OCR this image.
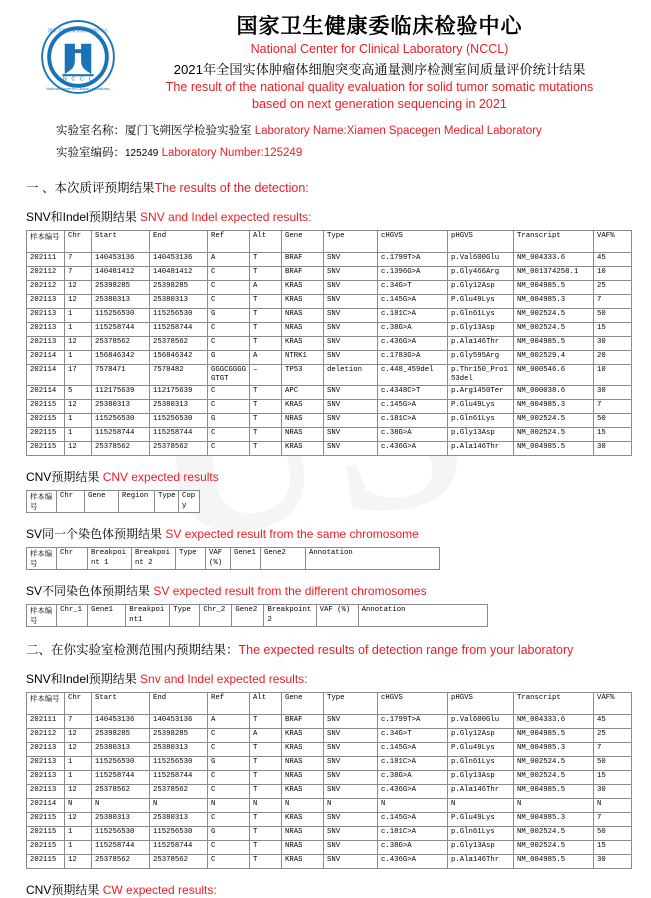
N C C L
国家卫生健康委临床检验中心
National Center for Clinical Laboratories
国家卫生健康委临床检验中心
National Center for Clinical Laboratory (NCCL)
2021年全国实体肿瘤体细胞突变高通量测序检测室间质量评价统计结果
The result of the national quality evaluation for solid tumor somatic mutations
based on next generation sequencing in 2021
实验室名称：厦门飞朔医学检验实验室 Laboratory Name:Xiamen Spacegen Medical Laboratory
实验室编码：125249 Laboratory Number:125249
一 、本次质评预期结果The results of the detection:
SNV和Indel预期结果 SNV and Indel expected results:
样本编号	Chr	Start	End	Ref	Alt	Gene	Type	cHGVS	pHGVS	Transcript	VAF%
202111	7	140453136	140453136	A	T	BRAF	SNV	c.1799T>A	p.Val600Glu	NM_004333.6	45
202112	7	140481412	140481412	C	T	BRAF	SNV	c.1396G>A	p.Gly466Arg	NM_001374258.1	10
202112	12	25398285	25398285	C	A	KRAS	SNV	c.34G>T	p.Gly12Asp	NM_004985.5	25
202113	12	25380313	25380313	C	T	KRAS	SNV	c.145G>A	P.Glu49Lys	NM_004985.3	7
202113	1	115256530	115256530	G	T	NRAS	SNV	c.181C>A	p.Gln61Lys	NM_002524.5	50
202113	1	115258744	115258744	C	T	NRAS	SNV	c.38G>A	p.Gly13Asp	NM_002524.5	15
202113	12	25378562	25378562	C	T	KRAS	SNV	c.436G>A	p.Ala146Thr	NM_004985.5	30
202114	1	156846342	156846342	G	A	NTRK1	SNV	c.1783G>A	p.Gly595Arg	NM_002529.4	20
202114	17	7578471	7578482	GGGCGGGGGTGT	–	TP53	deletion	c.448_459del	p.Thr150_Pro153del	NM_000546.6	10
202114	5	112175639	112175639	C	T	APC	SNV	c.4348C>T	p.Arg1450Ter	NM_000038.6	30
202115	12	25380313	25380313	C	T	KRAS	SNV	c.145G>A	P.Glu49Lys	NM_004985.3	7
202115	1	115256530	115256530	G	T	NRAS	SNV	c.181C>A	p.Gln61Lys	NM_002524.5	50
202115	1	115258744	115258744	C	T	NRAS	SNV	c.38G>A	p.Gly13Asp	NM_002524.5	15
202115	12	25378562	25378562	C	T	KRAS	SNV	c.436G>A	p.Ala146Thr	NM_004985.5	30
CNV预期结果 CNV expected results
样本编号	Chr	Gene	Region	Type	Copy
SV同一个染色体预期结果 SV expected result from the same chromosome
样本编号	Chr	Breakpoint 1	Breakpoint 2	Type	VAF (%)	Gene1	Gene2	Annotation
SV不同染色体预期结果 SV expected result from the different chromosomes
样本编号	Chr_1	Gene1	Breakpoint1	Type	Chr_2	Gene2	Breakpoint2	VAF (%)	Annotation
二、在你实验室检测范围内预期结果：The expected results of detection range from your laboratory
SNV和Indel预期结果 Snv and Indel expected results:
样本编号	Chr	Start	End	Ref	Alt	Gene	Type	cHGVS	pHGVS	Transcript	VAF%
202111	7	140453136	140453136	A	T	BRAF	SNV	c.1799T>A	p.Val600Glu	NM_004333.6	45
202112	12	25398285	25398285	C	A	KRAS	SNV	c.34G>T	p.Gly12Asp	NM_004985.5	25
202113	12	25380313	25380313	C	T	KRAS	SNV	c.145G>A	P.Glu49Lys	NM_004985.3	7
202113	1	115256530	115256530	G	T	NRAS	SNV	c.181C>A	p.Gln61Lys	NM_002524.5	50
202113	1	115258744	115258744	C	T	NRAS	SNV	c.38G>A	p.Gly13Asp	NM_002524.5	15
202113	12	25378562	25378562	C	T	KRAS	SNV	c.436G>A	p.Ala146Thr	NM_004985.5	30
202114	N	N	N	N	N	N	N	N	N	N	N
202115	12	25380313	25380313	C	T	KRAS	SNV	c.145G>A	P.Glu49Lys	NM_004985.3	7
202115	1	115256530	115256530	G	T	NRAS	SNV	c.181C>A	p.Gln61Lys	NM_002524.5	50
202115	1	115258744	115258744	C	T	NRAS	SNV	c.38G>A	p.Gly13Asp	NM_002524.5	15
202115	12	25378562	25378562	C	T	KRAS	SNV	c.436G>A	p.Ala146Thr	NM_004985.5	30
CNV预期结果 CW expected results:
